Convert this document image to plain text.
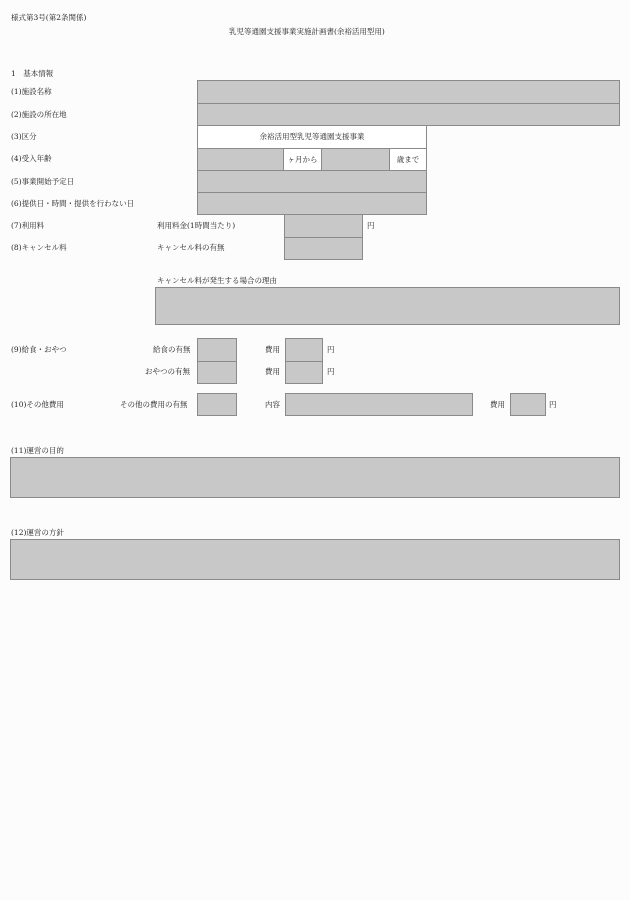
様式第3号(第2条関係)
乳児等通園支援事業実施計画書(余裕活用型用)
1　基本情報
(1)施設名称
(2)施設の所在地
(3)区分	余裕活用型乳児等通園支援事業
(4)受入年齢	ヶ月から	歳まで
(5)事業開始予定日
(6)提供日・時間・提供を行わない日
(7)利用料	利用料金(1時間当たり)	円
(8)キャンセル料	キャンセル料の有無
キャンセル料が発生する場合の理由
(9)給食・おやつ	給食の有無	費用	円
おやつの有無	費用	円
(10)その他費用	その他の費用の有無	内容	費用	円
(11)運営の目的
(12)運営の方針
